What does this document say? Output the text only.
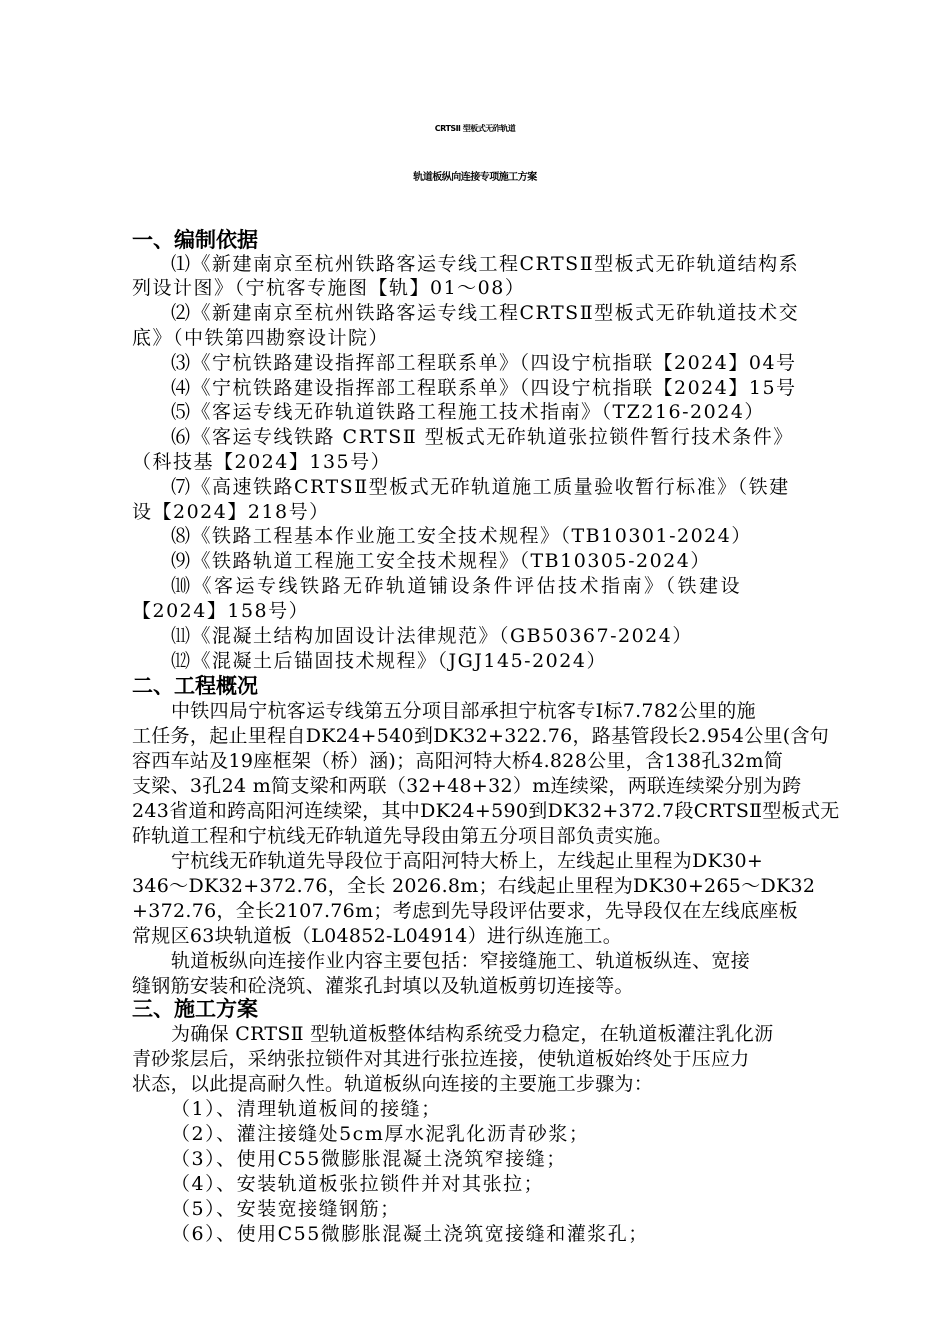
CRTSⅡ 型板式无砟轨道
轨道板纵向连接专项施工方案
一、编制依据
⑴《新建南京至杭州铁路客运专线工程CRTSⅡ型板式无砟轨道结构系
列设计图》（宁杭客专施图【轨】01～08）
⑵《新建南京至杭州铁路客运专线工程CRTSⅡ型板式无砟轨道技术交
底》（中铁第四勘察设计院）
⑶《宁杭铁路建设指挥部工程联系单》（四设宁杭指联【2024】04号
⑷《宁杭铁路建设指挥部工程联系单》（四设宁杭指联【2024】15号
⑸《客运专线无砟轨道铁路工程施工技术指南》（TZ216-2024）
⑹《客运专线铁路 CRTSⅡ 型板式无砟轨道张拉锁件暂行技术条件》
（科技基【2024】135号）
⑺《高速铁路CRTSⅡ型板式无砟轨道施工质量验收暂行标准》（铁建
设【2024】218号）
⑻《铁路工程基本作业施工安全技术规程》（TB10301-2024）
⑼《铁路轨道工程施工安全技术规程》（TB10305-2024）
⑽《客运专线铁路无砟轨道铺设条件评估技术指南》（铁建设
【2024】158号）
⑾《混凝土结构加固设计法律规范》（GB50367-2024）
⑿《混凝土后锚固技术规程》（JGJ145-2024）
二、工程概况
中铁四局宁杭客运专线第五分项目部承担宁杭客专Ⅰ标7.782公里的施
工任务，起止里程自DK24+540到DK32+322.76，路基管段长2.954公里(含句
容西车站及19座框架（桥）涵)；高阳河特大桥4.828公里，含138孔32m简
支梁、3孔24 m简支梁和两联（32+48+32）m连续梁，两联连续梁分别为跨
243省道和跨高阳河连续梁，其中DK24+590到DK32+372.7段CRTSⅡ型板式无
砟轨道工程和宁杭线无砟轨道先导段由第五分项目部负责实施。
宁杭线无砟轨道先导段位于高阳河特大桥上，左线起止里程为DK30+
346～DK32+372.76，全长 2026.8m；右线起止里程为DK30+265～DK32
+372.76，全长2107.76m；考虑到先导段评估要求，先导段仅在左线底座板
常规区63块轨道板（L04852-L04914）进行纵连施工。
轨道板纵向连接作业内容主要包括：窄接缝施工、轨道板纵连、宽接
缝钢筋安装和砼浇筑、灌浆孔封填以及轨道板剪切连接等。
三、施工方案
为确保 CRTSⅡ 型轨道板整体结构系统受力稳定，在轨道板灌注乳化沥
青砂浆层后，采纳张拉锁件对其进行张拉连接，使轨道板始终处于压应力
状态，以此提高耐久性。轨道板纵向连接的主要施工步骤为：
（1）、清理轨道板间的接缝；
（2）、灌注接缝处5cm厚水泥乳化沥青砂浆；
（3）、使用C55微膨胀混凝土浇筑窄接缝；
（4）、安装轨道板张拉锁件并对其张拉；
（5）、安装宽接缝钢筋；
（6）、使用C55微膨胀混凝土浇筑宽接缝和灌浆孔；
